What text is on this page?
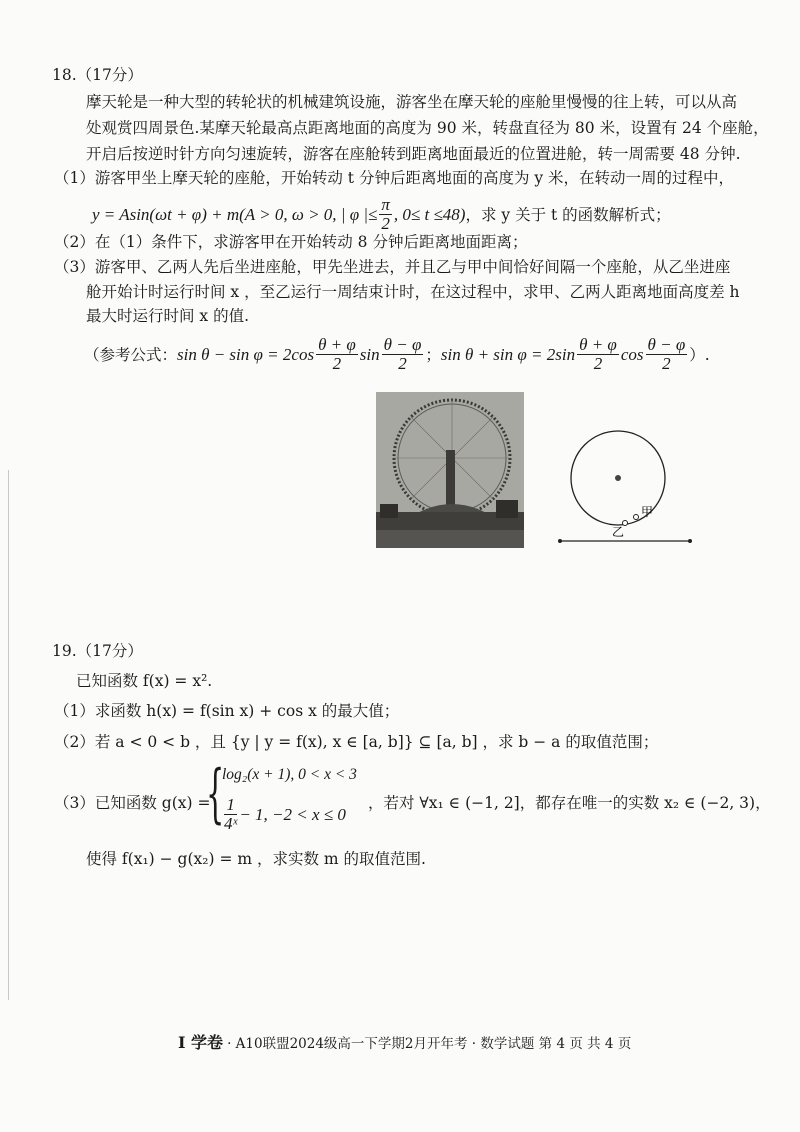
18.（17分）
摩天轮是一种大型的转轮状的机械建筑设施，游客坐在摩天轮的座舱里慢慢的往上转，可以从高
处观赏四周景色.某摩天轮最高点距离地面的高度为 90 米，转盘直径为 80 米，设置有 24 个座舱，
开启后按逆时针方向匀速旋转，游客在座舱转到距离地面最近的位置进舱，转一周需要 48 分钟.
（1）游客甲坐上摩天轮的座舱，开始转动 t 分钟后距离地面的高度为 y 米，在转动一周的过程中，
y = Asin(ωt + φ) + m(A > 0, ω > 0, | φ |≤ $\frac{\pi}{2}$ , 0≤ t ≤48) ，求 y 关于 t 的函数解析式；
（2）在（1）条件下，求游客甲在开始转动 8 分钟后距离地面距离；
（3）游客甲、乙两人先后坐进座舱，甲先坐进去，并且乙与甲中间恰好间隔一个座舱，从乙坐进座
舱开始计时运行时间 x ，至乙运行一周结束计时，在这过程中，求甲、乙两人距离地面高度差 h
最大时运行时间 x 的值.
（参考公式： $\sin \theta - \sin \varphi = 2\cos \frac{\theta + \varphi}{2}$ $\sin \frac{\theta - \varphi}{2}$ ； $\sin \theta + \sin \varphi = 2\sin \frac{\theta + \varphi}{2}$ $\cos \frac{\theta - \varphi}{2}$ ）.
甲
乙
19.（17分）
已知函数 f(x) = x².
（1）求函数 h(x) = f(sin x) + cos x 的最大值；
（2）若 a < 0 < b ，且 {y | y = f(x), x ∈ [a, b]} ⊆ [a, b] ，求 b − a 的取值范围；
（3）已知函数 g(x) =
{
log₂(x + 1), 0 < x < 3
$\frac{1}{\text{4ˣ}} - 1$, −2 < x ≤ 0
，若对 ∀x₁ ∈ (−1, 2]，都存在唯一的实数 x₂ ∈ (−2, 3)，
使得 f(x₁) − g(x₂) = m ，求实数 m 的取值范围.
𝐈 学卷 · A10联盟2024级高一下学期2月开年考 · 数学试题 第 4 页 共 4 页
